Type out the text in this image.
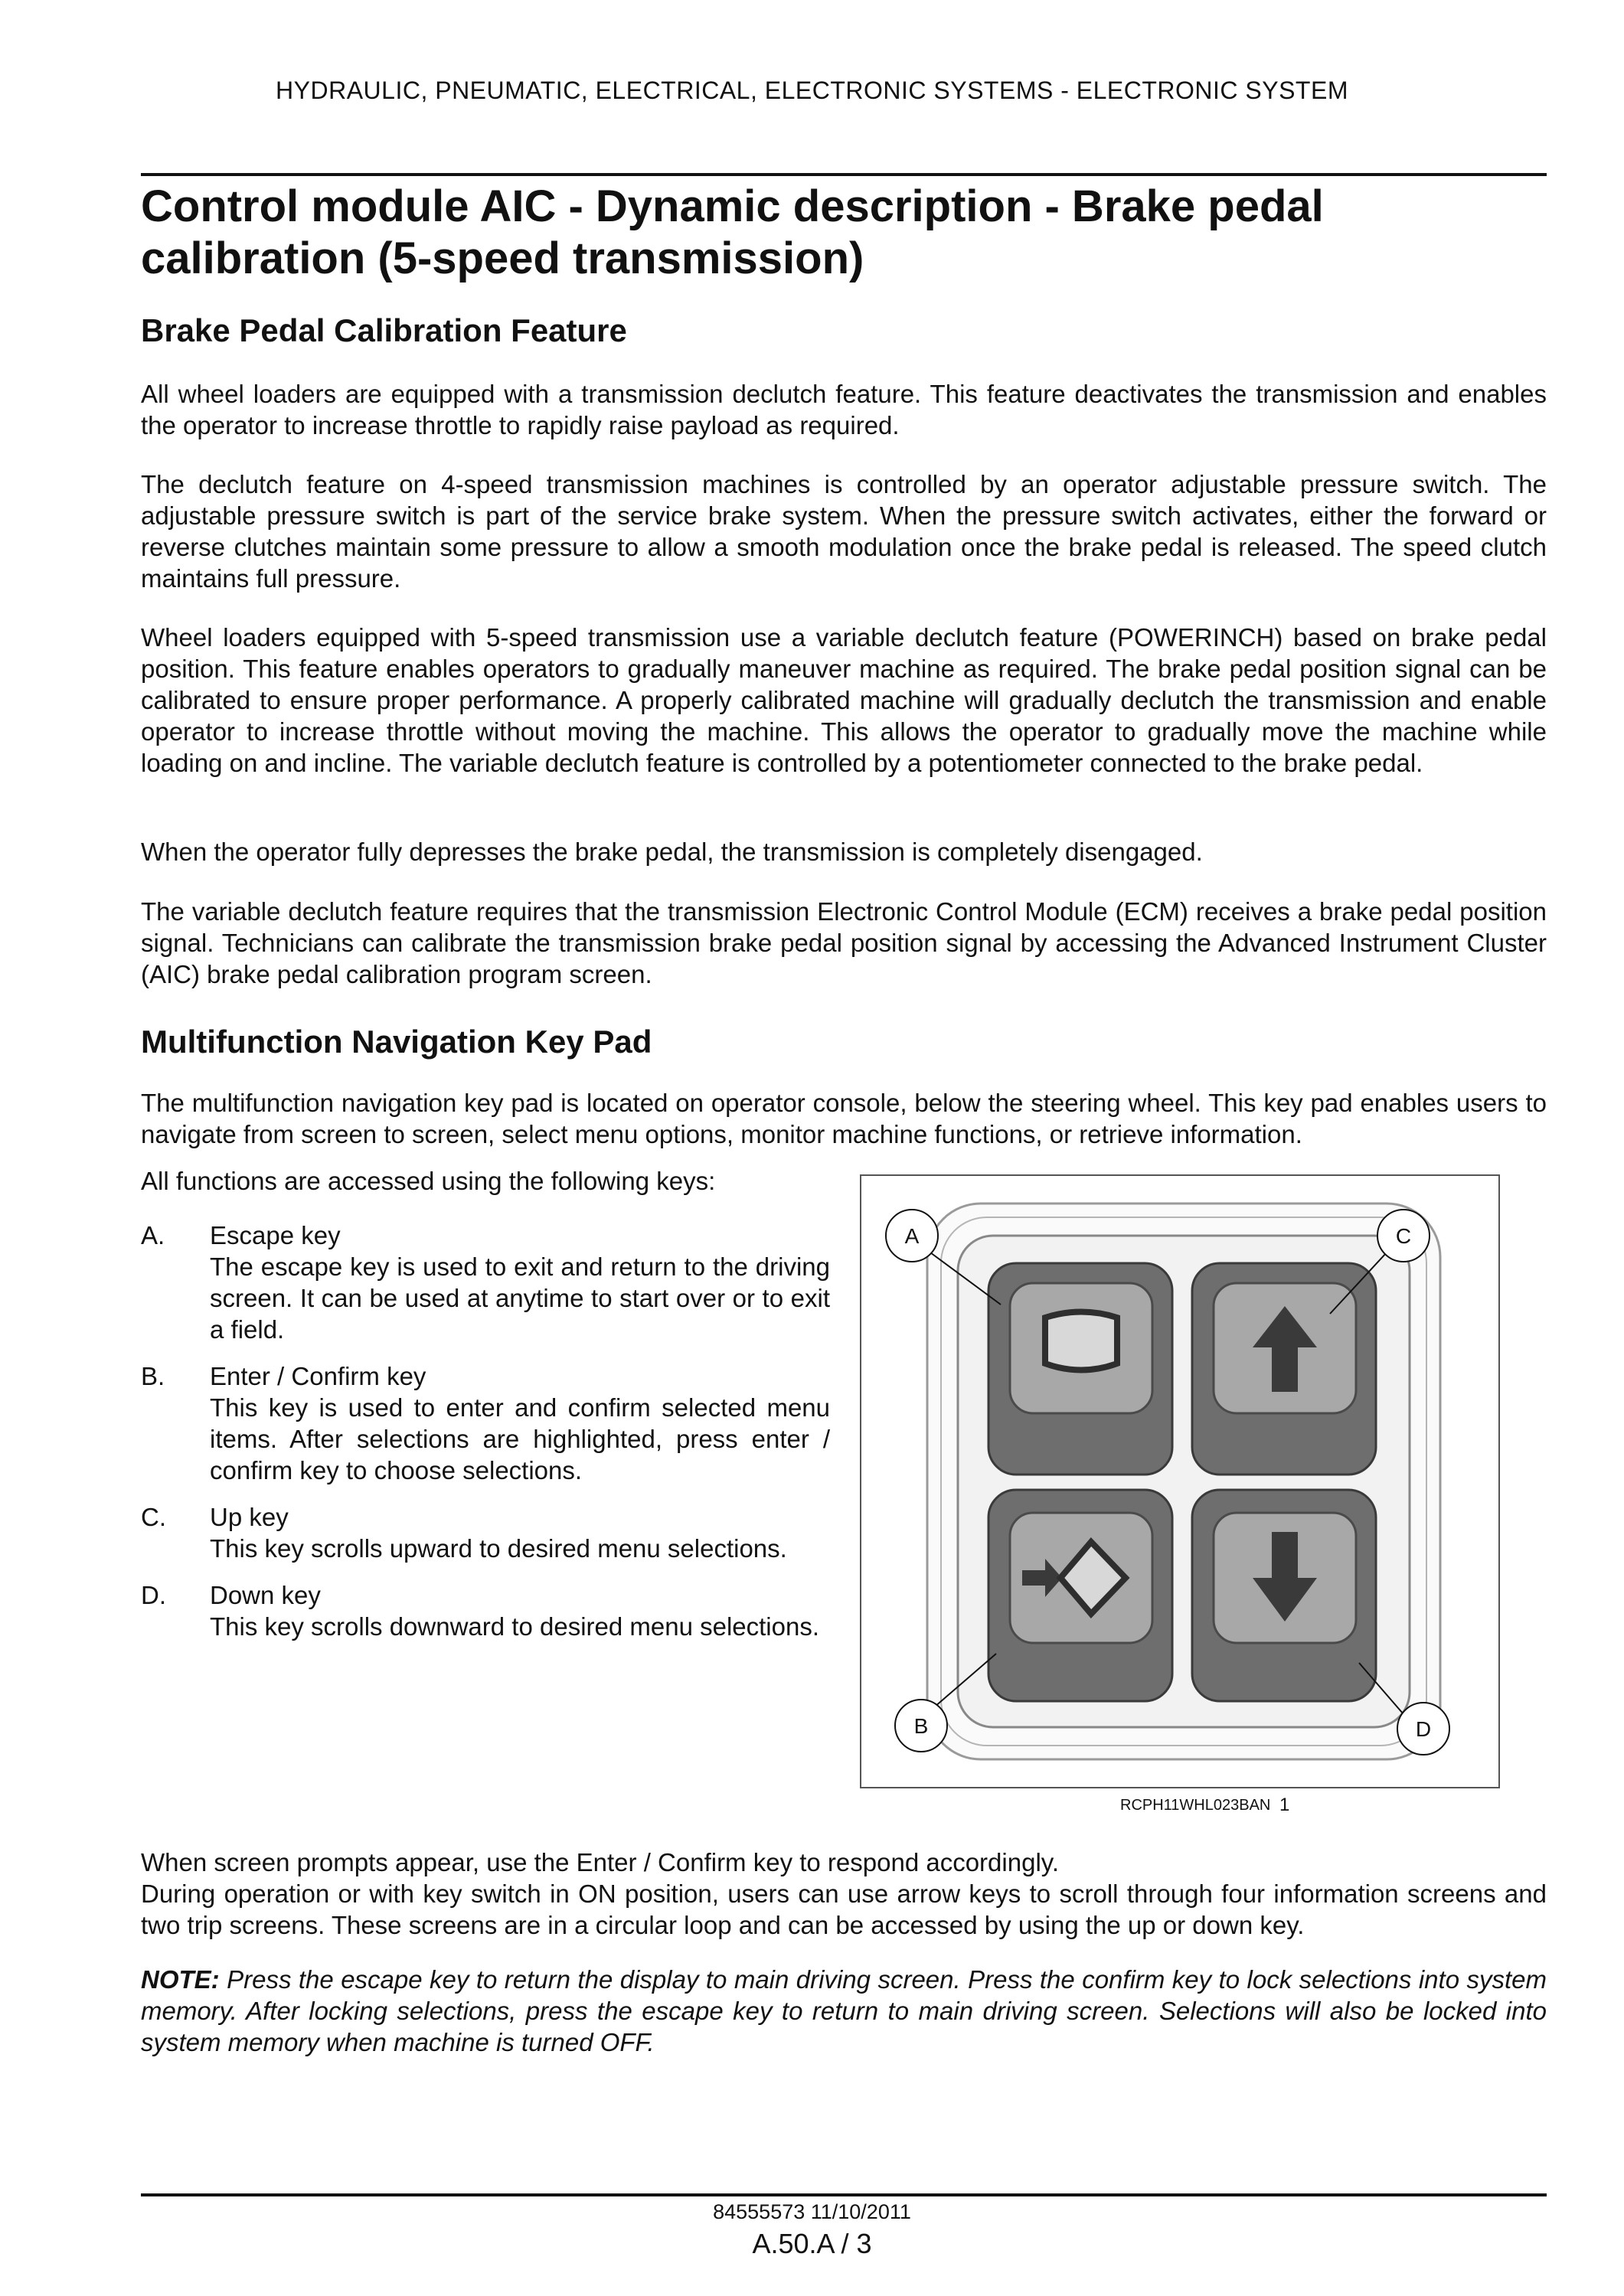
HYDRAULIC, PNEUMATIC, ELECTRICAL, ELECTRONIC SYSTEMS - ELECTRONIC SYSTEM
Control module AIC - Dynamic description - Brake pedal calibration (5-speed transmission)
Brake Pedal Calibration Feature

All wheel loaders are equipped with a transmission declutch feature. This feature deactivates the transmission and enables the operator to increase throttle to rapidly raise payload as required.

The declutch feature on 4-speed transmission machines is controlled by an operator adjustable pressure switch. The adjustable pressure switch is part of the service brake system. When the pressure switch activates, either the forward or reverse clutches maintain some pressure to allow a smooth modulation once the brake pedal is released. The speed clutch maintains full pressure.

Wheel loaders equipped with 5-speed transmission use a variable declutch feature (POWERINCH) based on brake pedal position. This feature enables operators to gradually maneuver machine as required. The brake pedal position signal can be calibrated to ensure proper performance. A properly calibrated machine will gradually declutch the transmission and enable operator to increase throttle without moving the machine. This allows the operator to gradually move the machine while loading on and incline. The variable declutch feature is controlled by a potentiometer connected to the brake pedal.

When the operator fully depresses the brake pedal, the transmission is completely disengaged.

The variable declutch feature requires that the transmission Electronic Control Module (ECM) receives a brake pedal position signal. Technicians can calibrate the transmission brake pedal position signal by accessing the Advanced Instrument Cluster (AIC) brake pedal calibration program screen.

Multifunction Navigation Key Pad

The multifunction navigation key pad is located on operator console, below the steering wheel. This key pad enables users to navigate from screen to screen, select menu options, monitor machine functions, or retrieve information.

All functions are accessed using the following keys:

A.	Escape key
The escape key is used to exit and return to the driving screen. It can be used at anytime to start over or to exit a field.
B.	Enter / Confirm key
This key is used to enter and confirm selected menu items. After selections are highlighted, press enter / confirm key to choose selections.
C.	Up key
This key scrolls upward to desired menu selections.
D.	Down key
This key scrolls downward to desired menu selections.
A	C
B	D
RCPH11WHL023BAN 1
When screen prompts appear, use the Enter / Confirm key to respond accordingly.
During operation or with key switch in ON position, users can use arrow keys to scroll through four information screens and two trip screens. These screens are in a circular loop and can be accessed by using the up or down key.

NOTE: Press the escape key to return the display to main driving screen. Press the confirm key to lock selections into system memory. After locking selections, press the escape key to return to main driving screen. Selections will also be locked into system memory when machine is turned OFF.

84555573 11/10/2011
A.50.A / 3
